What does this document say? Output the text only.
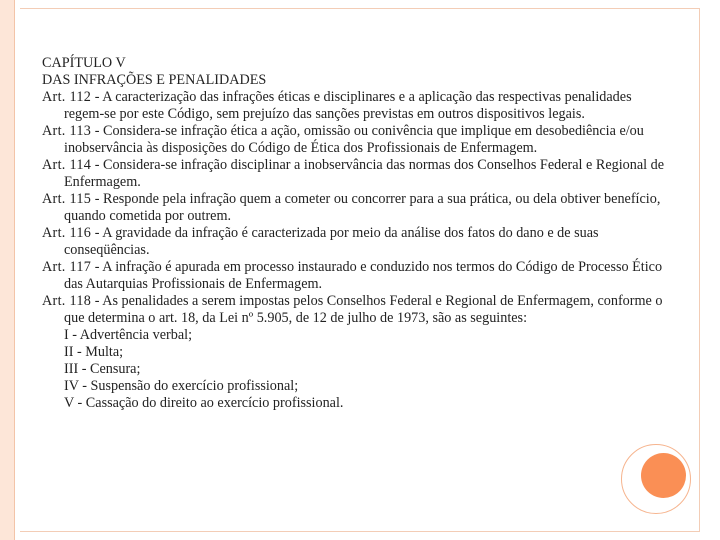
CAPÍTULO V

DAS INFRAÇÕES E PENALIDADES

Art. 112 - A caracterização das infrações éticas e disciplinares e a aplicação das respectivas penalidades regem-se por este Código, sem prejuízo das sanções previstas em outros dispositivos legais.

Art. 113 - Considera-se infração ética a ação, omissão ou conivência que implique em desobediência e/ou inobservância às disposições do Código de Ética dos Profissionais de Enfermagem.

Art. 114 - Considera-se infração disciplinar a inobservância das normas dos Conselhos Federal e Regional de Enfermagem.

Art. 115 - Responde pela infração quem a cometer ou concorrer para a sua prática, ou dela obtiver benefício, quando cometida por outrem.

Art. 116 - A gravidade da infração é caracterizada por meio da análise dos fatos do dano e de suas conseqüências.

Art. 117 - A infração é apurada em processo instaurado e conduzido nos termos do Código de Processo Ético das Autarquias Profissionais de Enfermagem.

Art. 118 - As penalidades a serem impostas pelos Conselhos Federal e Regional de Enfermagem, conforme o que determina o art. 18, da Lei nº 5.905, de 12 de julho de 1973, são as seguintes:

I - Advertência verbal;
II - Multa;
III - Censura;
IV - Suspensão do exercício profissional;
V - Cassação do direito ao exercício profissional.
